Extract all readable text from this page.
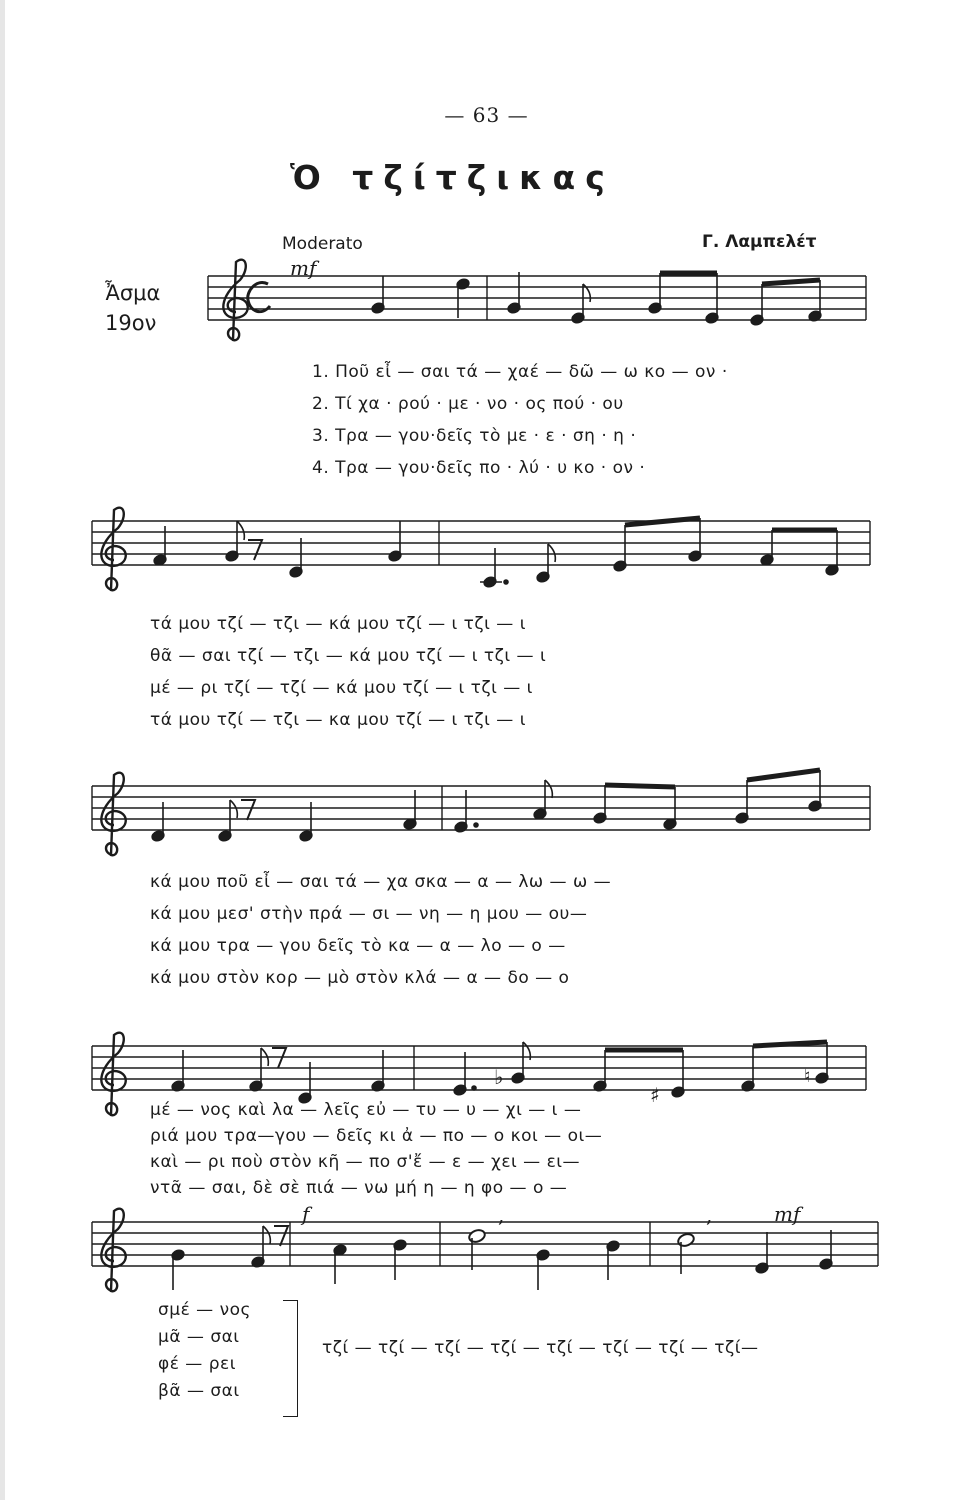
— 63 —
Ὁ τζίτζικας
Moderato	Γ. Λαμπελέτ
Ἆσμα
19ον
♭
♯
♮
,	,
mf
f	mf
1. Ποῦ εἶ — σαι τά — χαέ — δῶ — ω κο — ον ·
2. Τί χα · ρού · με · νο · ος πού · ου
3. Τρα — γου·δεῖς τὸ με · ε · ση · η ·
4. Τρα — γου·δεῖς πο · λύ · υ κο · ον ·
τά μου τζί — τζι — κά μου τζί — ι τζι — ι
θᾶ — σαι τζί — τζι — κά μου τζί — ι τζι — ι
μέ — ρι τζί — τζί — κά μου τζί — ι τζι — ι
τά μου τζί — τζι — κα μου τζί — ι τζι — ι
κά μου ποῦ εἶ — σαι τά — χα σκα — α — λω — ω —
κά μου μεσ' στὴν πρά — σι — νη — η μου — ου—
κά μου τρα — γου δεῖς τὸ κα — α — λο — ο —
κά μου στὸν κορ — μὸ στὸν κλά — α — δο — ο
μέ — νος καὶ λα — λεῖς εὐ — τυ — υ — χι — ι —
ριά μου τρα—γου — δεῖς κι ἀ — πο — ο κοι — οι—
καὶ — ρι ποὺ στὸν κῆ — πο σ'ἔ — ε — χει — ει—
ντᾶ — σαι, δὲ σὲ πιά — νω μή η — η φο — ο —
σμέ — νος
μᾶ — σαι
φέ — ρει
βᾶ — σαι
τζί — τζί — τζί — τζί — τζί — τζί — τζί — τζί—
